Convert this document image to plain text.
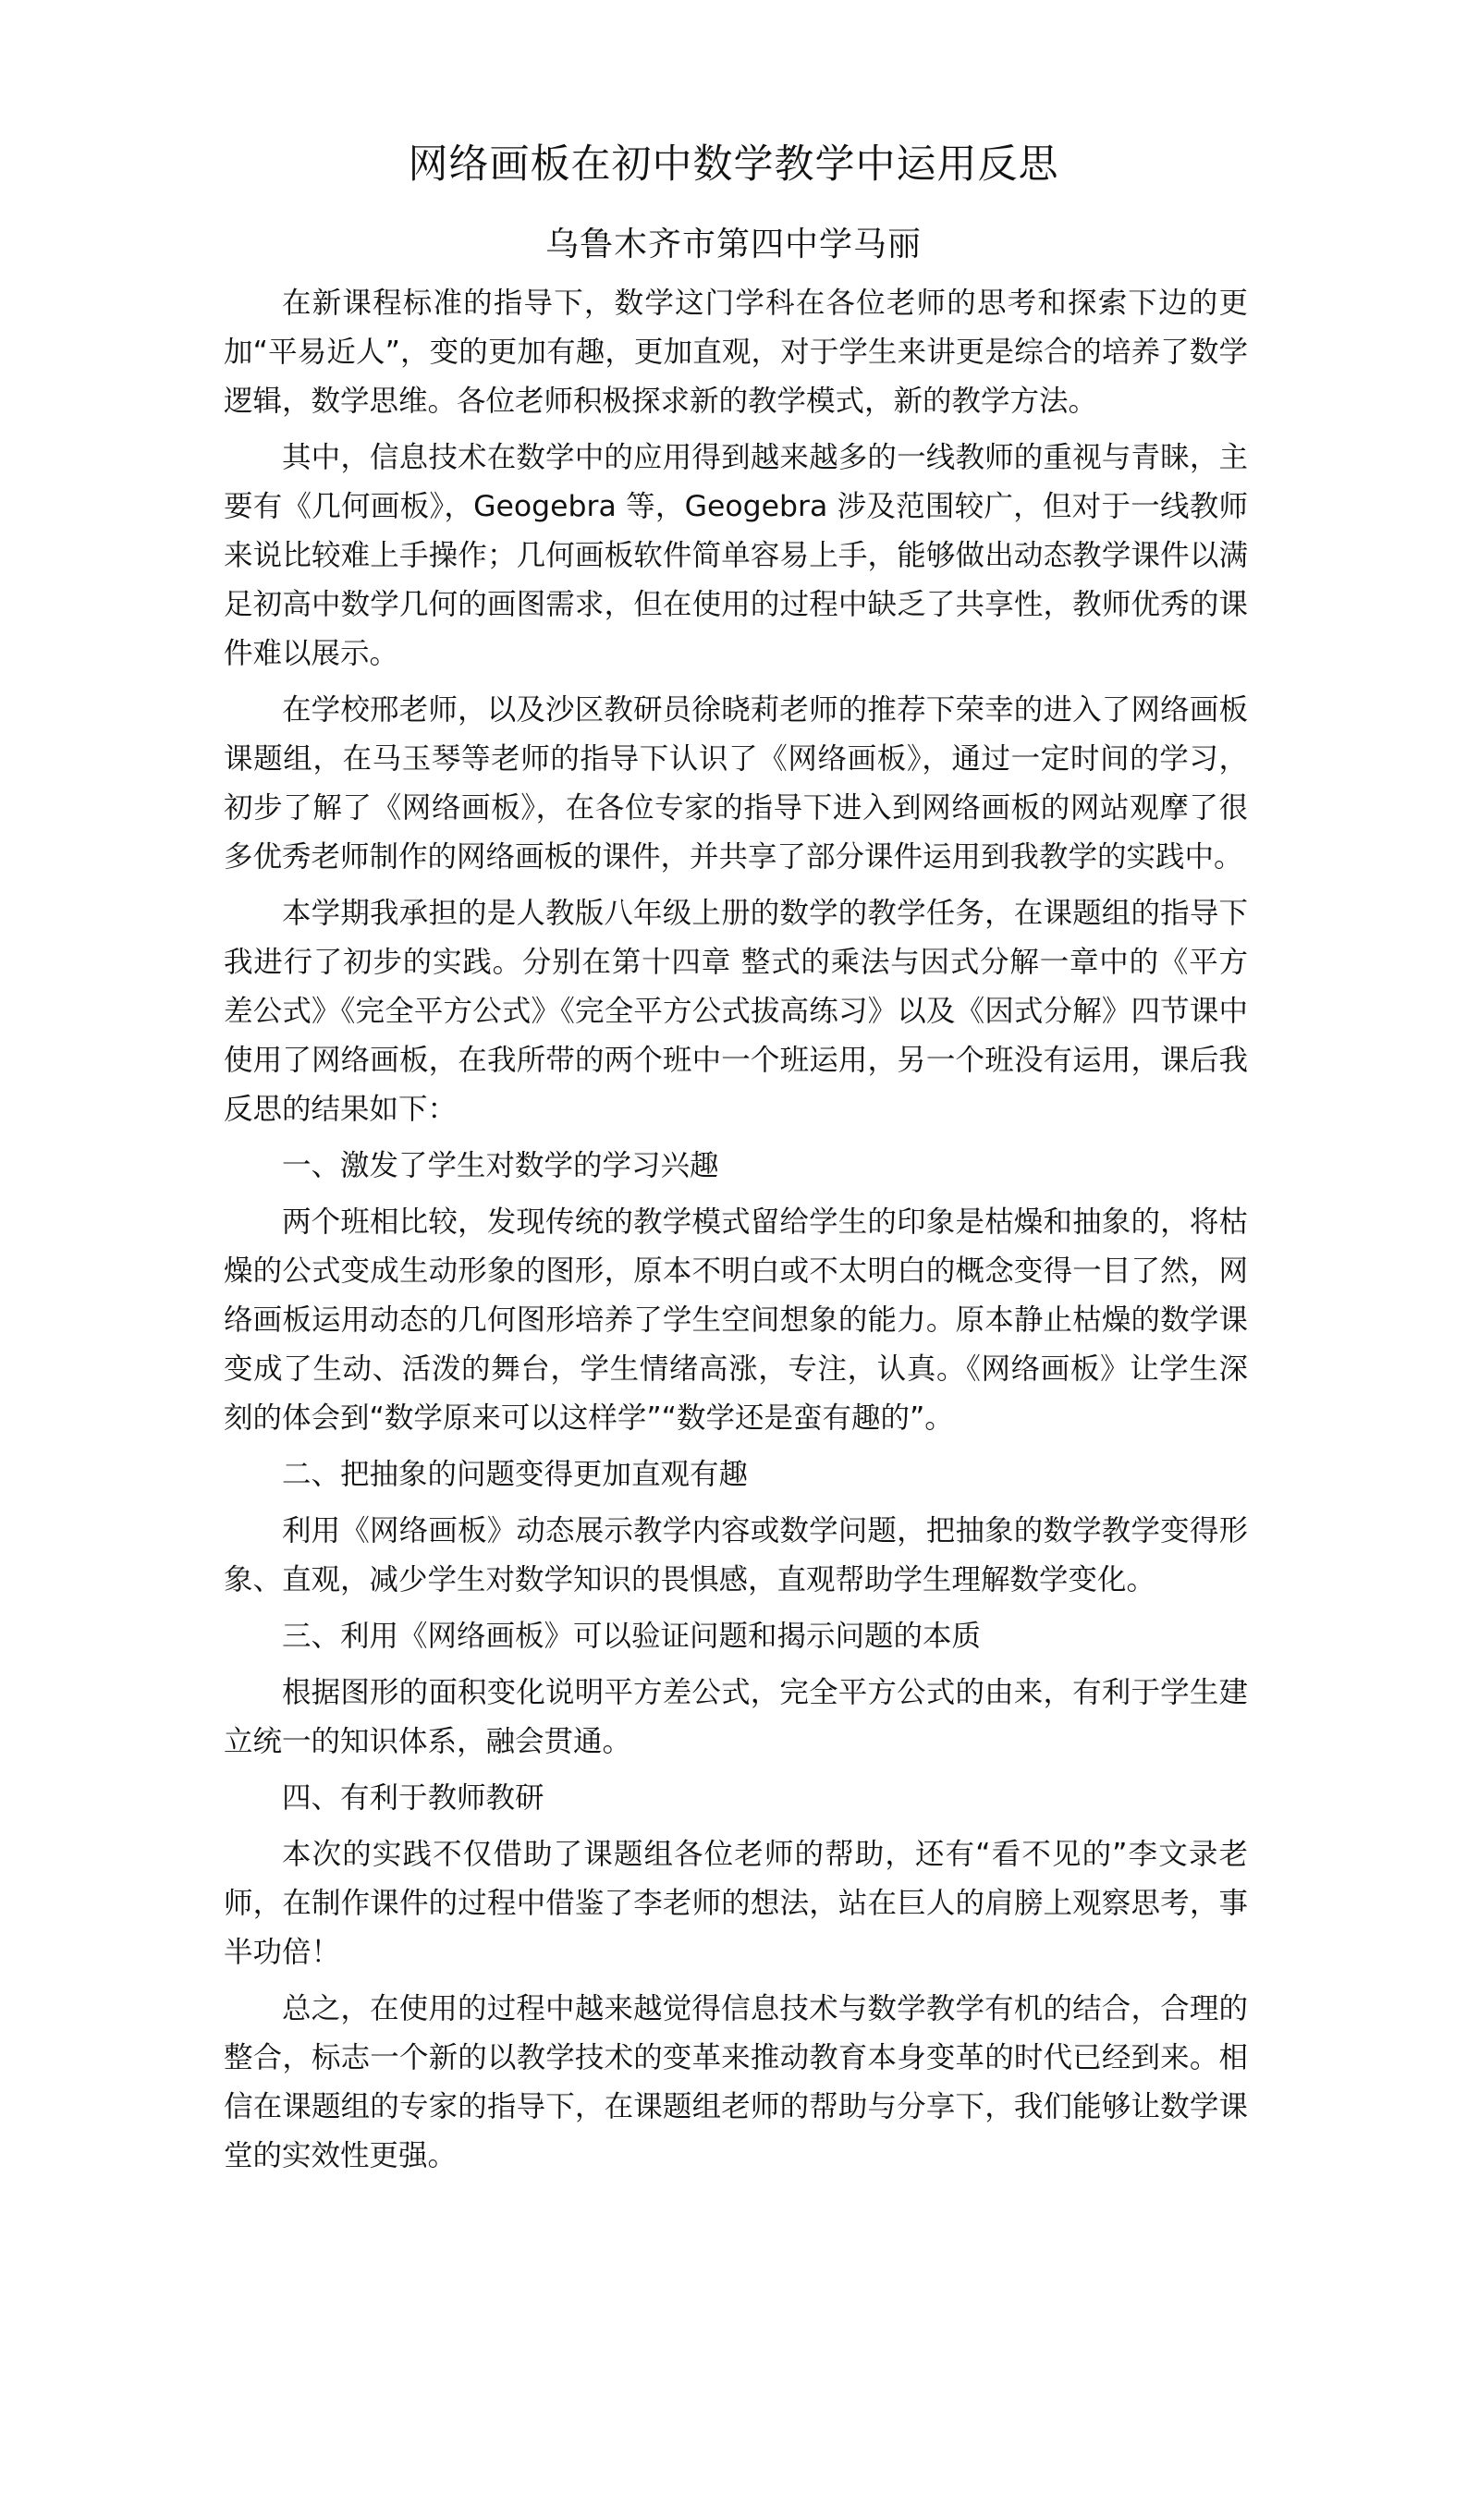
网络画板在初中数学教学中运用反思
乌鲁木齐市第四中学马丽

在新课程标准的指导下，数学这门学科在各位老师的思考和探索下边的更加“平易近人”，变的更加有趣，更加直观，对于学生来讲更是综合的培养了数学逻辑，数学思维。各位老师积极探求新的教学模式，新的教学方法。

其中，信息技术在数学中的应用得到越来越多的一线教师的重视与青睐，主要有《几何画板》，Geogebra 等，Geogebra 涉及范围较广，但对于一线教师来说比较难上手操作；几何画板软件简单容易上手，能够做出动态教学课件以满足初高中数学几何的画图需求，但在使用的过程中缺乏了共享性，教师优秀的课件难以展示。

在学校邢老师，以及沙区教研员徐晓莉老师的推荐下荣幸的进入了网络画板课题组，在马玉琴等老师的指导下认识了《网络画板》，通过一定时间的学习，初步了解了《网络画板》，在各位专家的指导下进入到网络画板的网站观摩了很多优秀老师制作的网络画板的课件，并共享了部分课件运用到我教学的实践中。

本学期我承担的是人教版八年级上册的数学的教学任务，在课题组的指导下我进行了初步的实践。分别在第十四章 整式的乘法与因式分解一章中的《平方差公式》《完全平方公式》《完全平方公式拔高练习》以及《因式分解》四节课中使用了网络画板，在我所带的两个班中一个班运用，另一个班没有运用，课后我反思的结果如下：

一、激发了学生对数学的学习兴趣

两个班相比较，发现传统的教学模式留给学生的印象是枯燥和抽象的，将枯燥的公式变成生动形象的图形，原本不明白或不太明白的概念变得一目了然，网络画板运用动态的几何图形培养了学生空间想象的能力。原本静止枯燥的数学课变成了生动、活泼的舞台，学生情绪高涨，专注，认真。《网络画板》让学生深刻的体会到“数学原来可以这样学”“数学还是蛮有趣的”。

二、把抽象的问题变得更加直观有趣

利用《网络画板》动态展示教学内容或数学问题，把抽象的数学教学变得形象、直观，减少学生对数学知识的畏惧感，直观帮助学生理解数学变化。

三、利用《网络画板》可以验证问题和揭示问题的本质

根据图形的面积变化说明平方差公式，完全平方公式的由来，有利于学生建立统一的知识体系，融会贯通。

四、有利于教师教研

本次的实践不仅借助了课题组各位老师的帮助，还有“看不见的”李文录老师，在制作课件的过程中借鉴了李老师的想法，站在巨人的肩膀上观察思考，事半功倍！

总之，在使用的过程中越来越觉得信息技术与数学教学有机的结合，合理的整合，标志一个新的以教学技术的变革来推动教育本身变革的时代已经到来。相信在课题组的专家的指导下，在课题组老师的帮助与分享下，我们能够让数学课堂的实效性更强。
